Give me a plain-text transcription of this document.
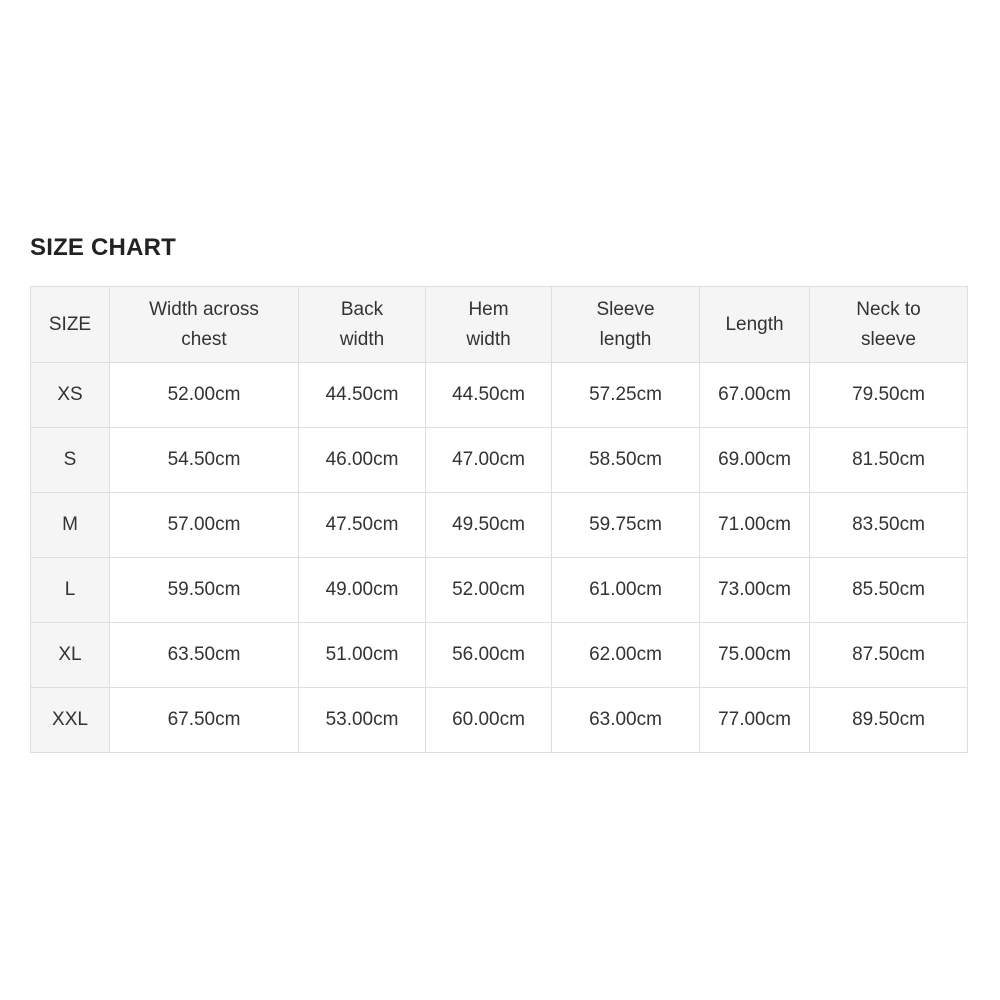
SIZE CHART
SIZE	Width across chest	Back width	Hem width	Sleeve length	Length	Neck to sleeve

XS	52.00cm	44.50cm	44.50cm	57.25cm	67.00cm	79.50cm
S	54.50cm	46.00cm	47.00cm	58.50cm	69.00cm	81.50cm
M	57.00cm	47.50cm	49.50cm	59.75cm	71.00cm	83.50cm
L	59.50cm	49.00cm	52.00cm	61.00cm	73.00cm	85.50cm
XL	63.50cm	51.00cm	56.00cm	62.00cm	75.00cm	87.50cm
XXL	67.50cm	53.00cm	60.00cm	63.00cm	77.00cm	89.50cm
